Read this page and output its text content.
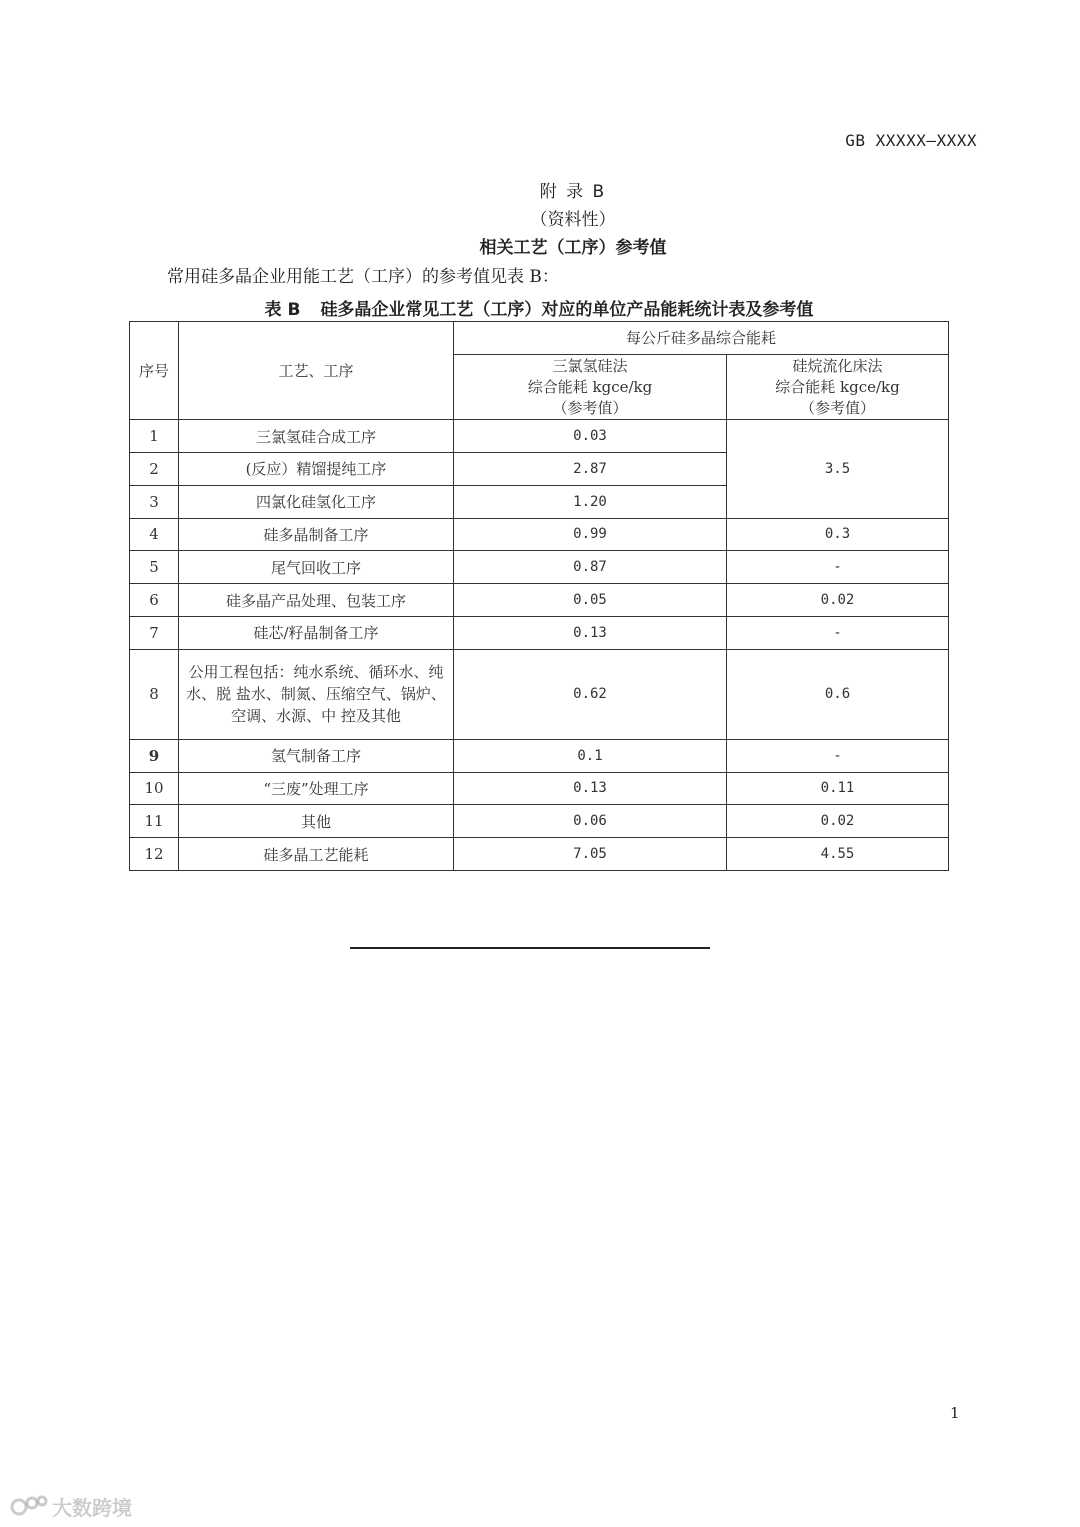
GB XXXXX—XXXX
附 录 B
（资料性）
相关工艺（工序）参考值
常用硅多晶企业用能工艺（工序）的参考值见表 B：
表 B 硅多晶企业常见工艺（工序）对应的单位产品能耗统计表及参考值
序号	工艺、工序	每公斤硅多晶综合能耗	

		三氯氢硅法
综合能耗 kgce/kg
（参考值）	硅烷流化床法
综合能耗 kgce/kg
（参考值）

1	三氯氢硅合成工序	0.03	3.5
2	(反应）精馏提纯工序	2.87	
3	四氯化硅氢化工序	1.20	
4	硅多晶制备工序	0.99	0.3
5	尾气回收工序	0.87	-
6	硅多晶产品处理、包装工序	0.05	0.02
7	硅芯/籽晶制备工序	0.13	-
8	公用工程包括：纯水系统、循环水、纯
水、脱 盐水、制氮、压缩空气、锅炉、
空调、水源、中 控及其他	0.62	0.6
9	氢气制备工序	0.1	-
10	“三废”处理工序	0.13	0.11
11	其他	0.06	0.02
12	硅多晶工艺能耗	7.05	4.55
1
大数跨境
